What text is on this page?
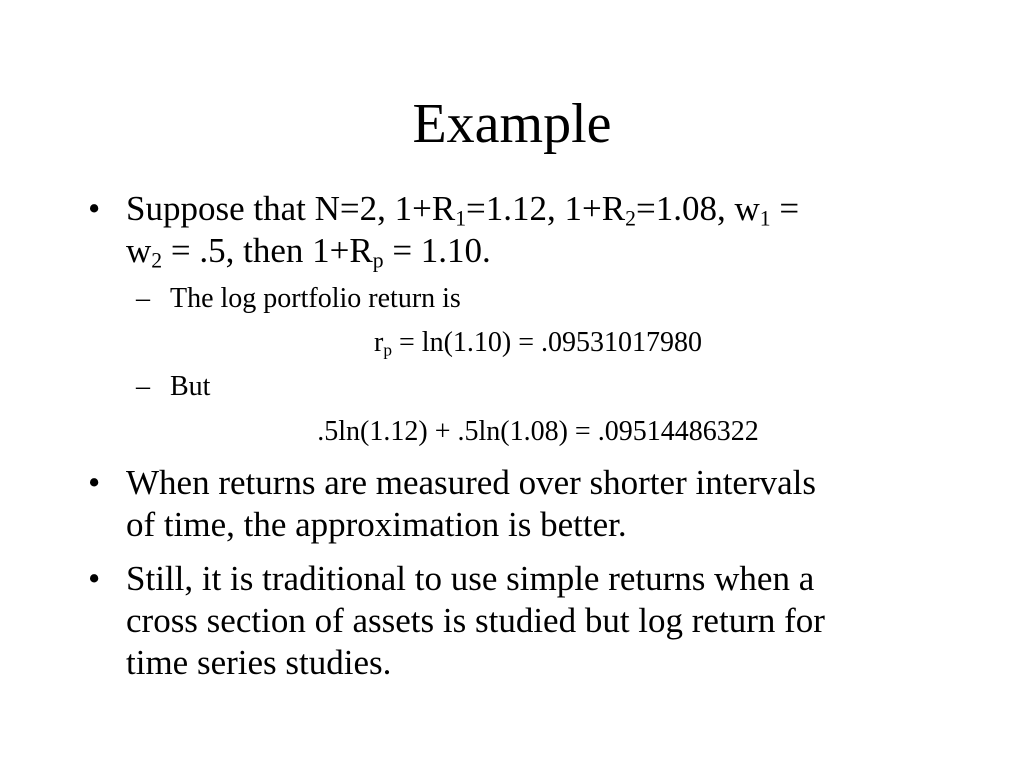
Example
• Suppose that N=2, $1+R_1=1.12$, $1+R_2=1.08$, $w_1$ =
$w_2 = .5$, then $1+R_p = 1.10$.
– The log portfolio return is
$r_p = \ln(1.10) = .09531017980$
– But
.5ln(1.12) + .5ln(1.08) = .09514486322
• When returns are measured over shorter intervals
of time, the approximation is better.
• Still, it is traditional to use simple returns when a
cross section of assets is studied but log return for
time series studies.
